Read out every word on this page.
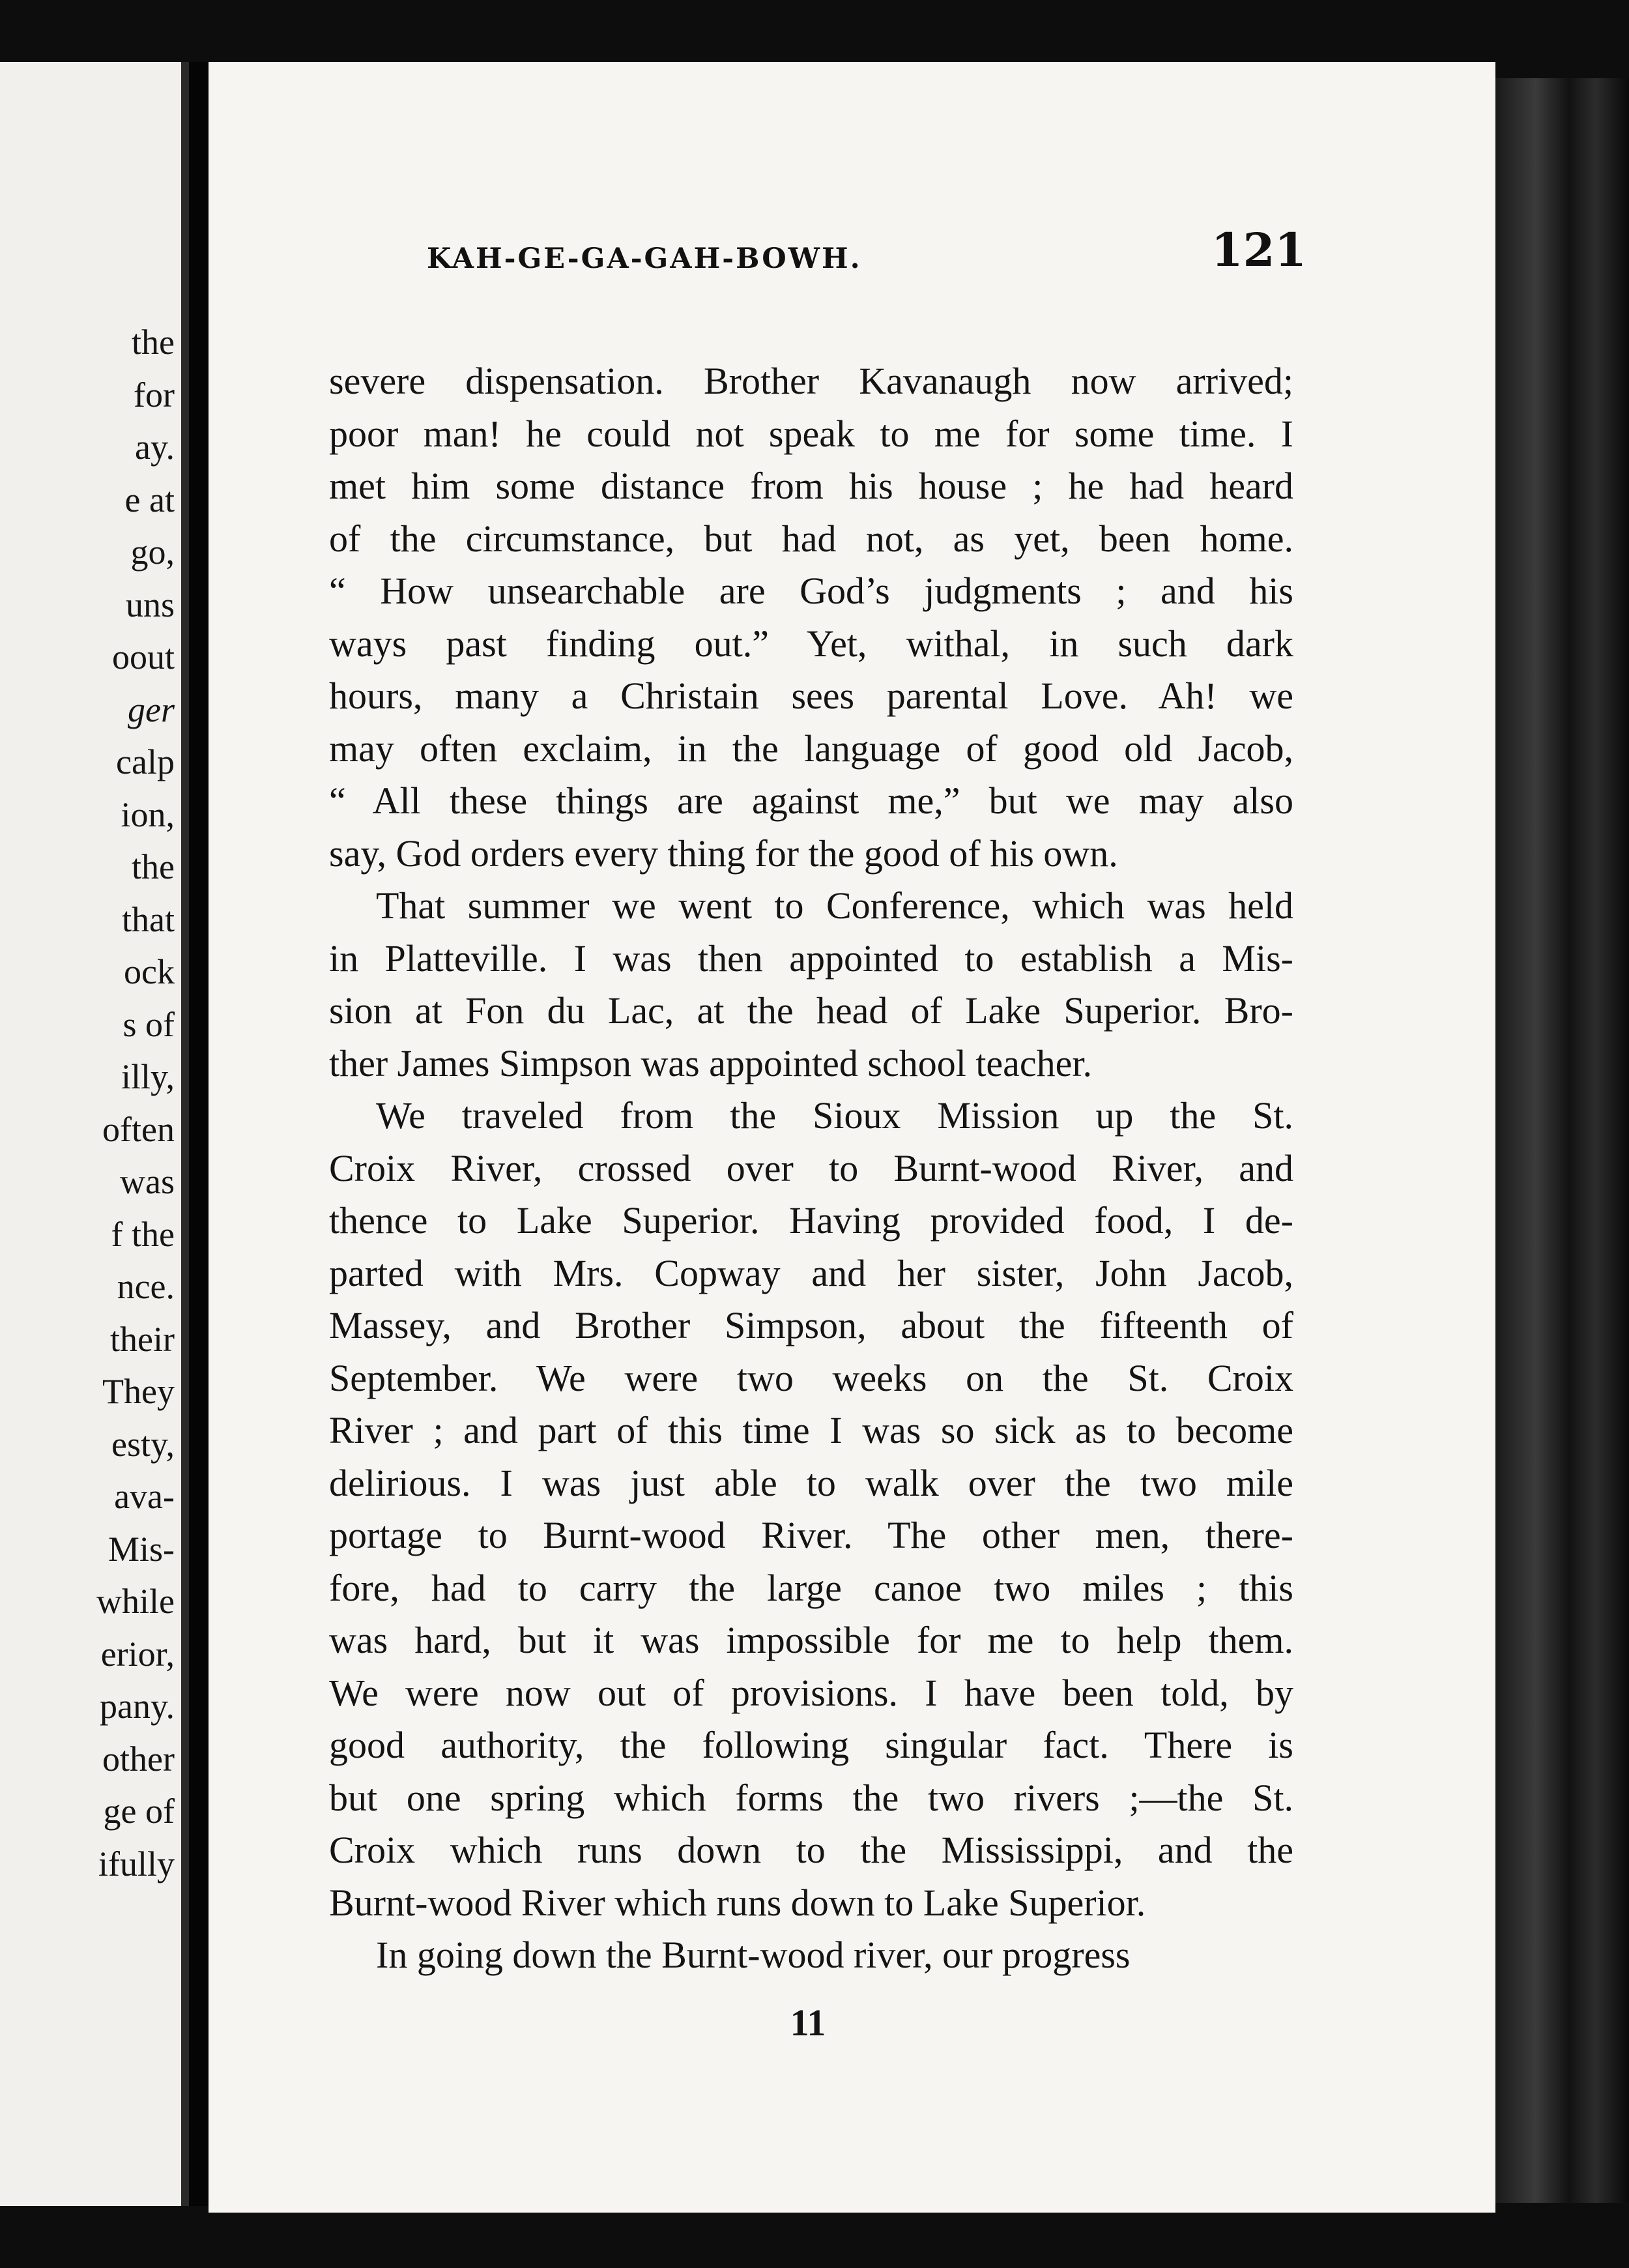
the
for
ay.
e at
go,
uns
oout
ger
calp
ion,
the
that
ock
s of
illy,
often
was
f the
nce.
their
They
esty,
ava-
Mis-
while
erior,
pany.
other
ge of
ifully
KAH-GE-GA-GAH-BOWH.	121
severe dispensation. Brother Kavanaugh now arrived;
poor man! he could not speak to me for some time. I
met him some distance from his house ; he had heard
of the circumstance, but had not, as yet, been home.
“ How unsearchable are God’s judgments ; and his
ways past finding out.” Yet, withal, in such dark
hours, many a Christain sees parental Love. Ah! we
may often exclaim, in the language of good old Jacob,
“ All these things are against me,” but we may also
say, God orders every thing for the good of his own.
That summer we went to Conference, which was held
in Platteville. I was then appointed to establish a Mis-
sion at Fon du Lac, at the head of Lake Superior. Bro-
ther James Simpson was appointed school teacher.
We traveled from the Sioux Mission up the St.
Croix River, crossed over to Burnt-wood River, and
thence to Lake Superior. Having provided food, I de-
parted with Mrs. Copway and her sister, John Jacob,
Massey, and Brother Simpson, about the fifteenth of
September. We were two weeks on the St. Croix
River ; and part of this time I was so sick as to become
delirious. I was just able to walk over the two mile
portage to Burnt-wood River. The other men, there-
fore, had to carry the large canoe two miles ; this
was hard, but it was impossible for me to help them.
We were now out of provisions. I have been told, by
good authority, the following singular fact. There is
but one spring which forms the two rivers ;—the St.
Croix which runs down to the Mississippi, and the
Burnt-wood River which runs down to Lake Superior.
In going down the Burnt-wood river, our progress
11
